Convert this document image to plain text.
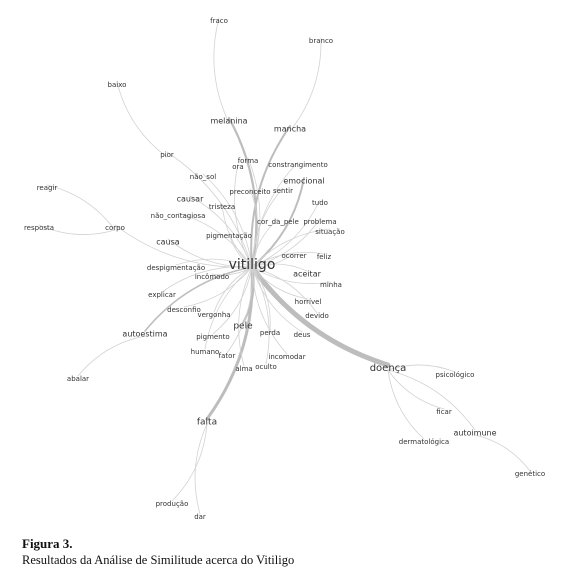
vitiligo
fraco
branco
baixo
melanina
mancha
pior
ora
forma constrangimento
não_sol	emocional
preconceito sentir
reagir
causar	tudo
tristeza
não_contagiosa
cor_da_pele problema
resposta	corpo
pigmentação	situação
causa
ocorrer feliz
despigmentação
incômodo	aceitar
minha
explicar
horrível
devido
desconfio
vergonha
autoestima
pele
pigmento	perda deus
humano fator	incomodar
alma oculto	doença
psicológico
abalar
ficar
falta
autoimune
dermatológica
genético
produção
dar
Figura 3.
Resultados da Análise de Similitude acerca do Vitiligo
